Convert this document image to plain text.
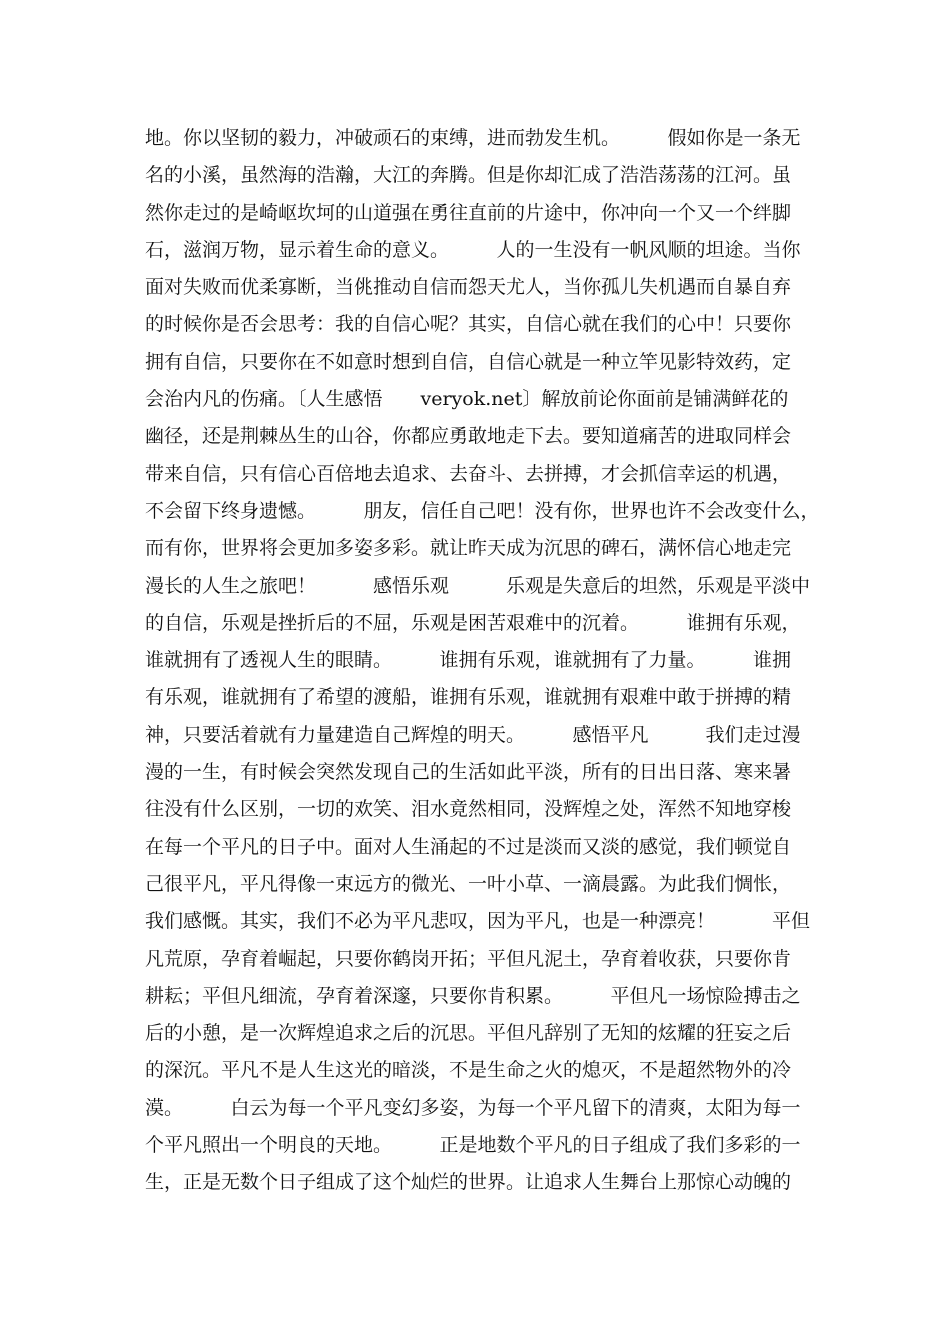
地。你以坚韧的毅力，冲破顽石的束缚，进而勃发生机。　　　假如你是一条无
名的小溪，虽然海的浩瀚，大江的奔腾。但是你却汇成了浩浩荡荡的江河。虽
然你走过的是崎岖坎坷的山道强在勇往直前的片途中，你冲向一个又一个绊脚
石，滋润万物，显示着生命的意义。　　　人的一生没有一帆风顺的坦途。当你
面对失败而优柔寡断，当佻推动自信而怨天尤人，当你孤儿失机遇而自暴自弃
的时候你是否会思考：我的自信心呢？其实，自信心就在我们的心中！只要你
拥有自信，只要你在不如意时想到自信，自信心就是一种立竿见影特效药，定
会治内凡的伤痛。〔人生感悟　　veryok.net〕解放前论你面前是铺满鲜花的
幽径，还是荆棘丛生的山谷，你都应勇敢地走下去。要知道痛苦的进取同样会
带来自信，只有信心百倍地去追求、去奋斗、去拼搏，才会抓信幸运的机遇，
不会留下终身遗憾。　　　朋友，信任自己吧！没有你，世界也许不会改变什么，
而有你，世界将会更加多姿多彩。就让昨天成为沉思的碑石，满怀信心地走完
漫长的人生之旅吧！　　　感悟乐观　　　乐观是失意后的坦然，乐观是平淡中
的自信，乐观是挫折后的不屈，乐观是困苦艰难中的沉着。　　　谁拥有乐观，
谁就拥有了透视人生的眼睛。　　　谁拥有乐观，谁就拥有了力量。　　　谁拥
有乐观，谁就拥有了希望的渡船，谁拥有乐观，谁就拥有艰难中敢于拼搏的精
神，只要活着就有力量建造自己辉煌的明天。　　　感悟平凡　　　我们走过漫
漫的一生，有时候会突然发现自己的生活如此平淡，所有的日出日落、寒来暑
往没有什么区别，一切的欢笑、泪水竟然相同，没辉煌之处，浑然不知地穿梭
在每一个平凡的日子中。面对人生涌起的不过是淡而又淡的感觉，我们顿觉自
己很平凡，平凡得像一束远方的微光、一叶小草、一滴晨露。为此我们惆怅，
我们感慨。其实，我们不必为平凡悲叹，因为平凡，也是一种漂亮！　　　平但
凡荒原，孕育着崛起，只要你鹤岗开拓；平但凡泥土，孕育着收获，只要你肯
耕耘；平但凡细流，孕育着深邃，只要你肯积累。　　　平但凡一场惊险搏击之
后的小憩，是一次辉煌追求之后的沉思。平但凡辞别了无知的炫耀的狂妄之后
的深沉。平凡不是人生这光的暗淡，不是生命之火的熄灭，不是超然物外的冷
漠。　　　白云为每一个平凡变幻多姿，为每一个平凡留下的清爽，太阳为每一
个平凡照出一个明良的天地。　　　正是地数个平凡的日子组成了我们多彩的一
生，正是无数个日子组成了这个灿烂的世界。让追求人生舞台上那惊心动魄的
